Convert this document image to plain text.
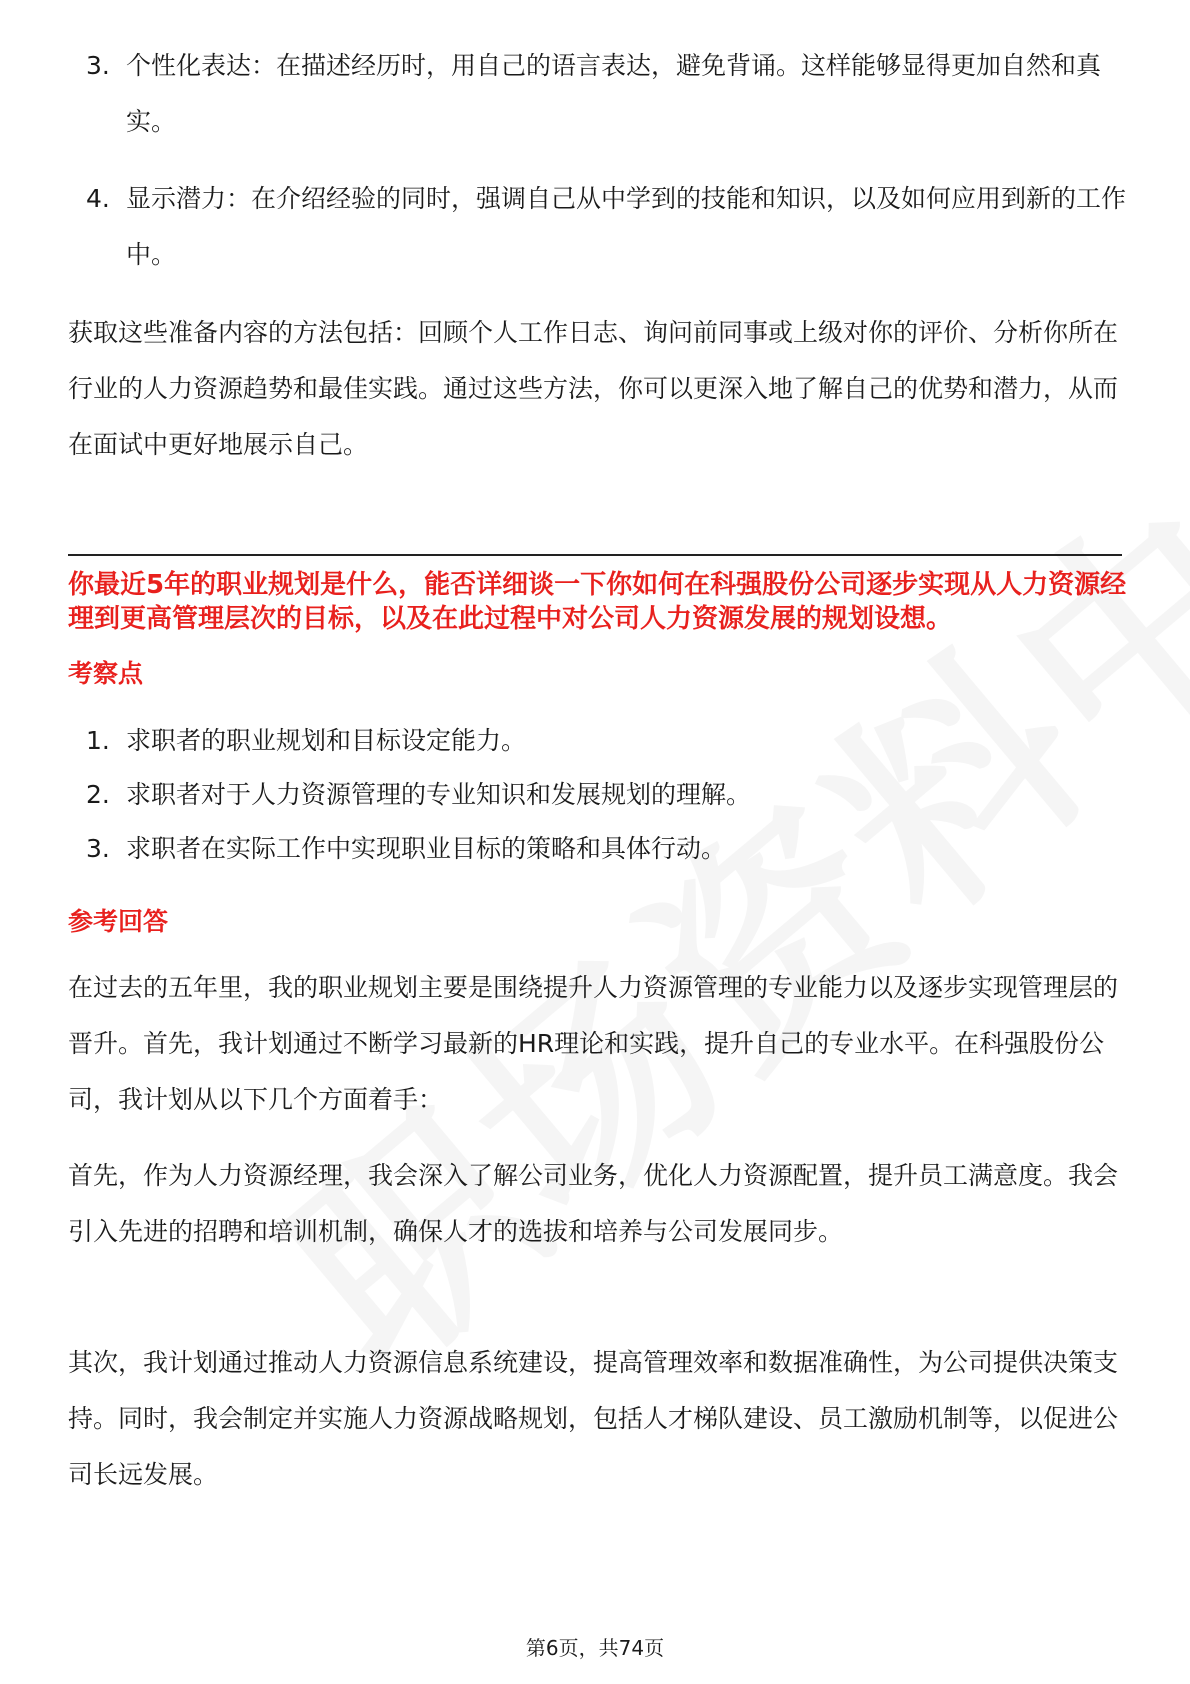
3. 个性化表达：在描述经历时，用自己的语言表达，避免背诵。这样能够显得更加自然和真实。
4. 显示潜力：在介绍经验的同时，强调自己从中学到的技能和知识，以及如何应用到新的工作中。
获取这些准备内容的方法包括：回顾个人工作日志、询问前同事或上级对你的评价、分析你所在行业的人力资源趋势和最佳实践。通过这些方法，你可以更深入地了解自己的优势和潜力，从而在面试中更好地展示自己。
你最近5年的职业规划是什么，能否详细谈一下你如何在科强股份公司逐步实现从人力资源经理到更高管理层次的目标，以及在此过程中对公司人力资源发展的规划设想。
考察点
1. 求职者的职业规划和目标设定能力。
2. 求职者对于人力资源管理的专业知识和发展规划的理解。
3. 求职者在实际工作中实现职业目标的策略和具体行动。
参考回答
在过去的五年里，我的职业规划主要是围绕提升人力资源管理的专业能力以及逐步实现管理层的晋升。首先，我计划通过不断学习最新的HR理论和实践，提升自己的专业水平。在科强股份公司，我计划从以下几个方面着手：
首先，作为人力资源经理，我会深入了解公司业务，优化人力资源配置，提升员工满意度。我会引入先进的招聘和培训机制，确保人才的选拔和培养与公司发展同步。
其次，我计划通过推动人力资源信息系统建设，提高管理效率和数据准确性，为公司提供决策支持。同时，我会制定并实施人力资源战略规划，包括人才梯队建设、员工激励机制等，以促进公司长远发展。
第6页，共74页
